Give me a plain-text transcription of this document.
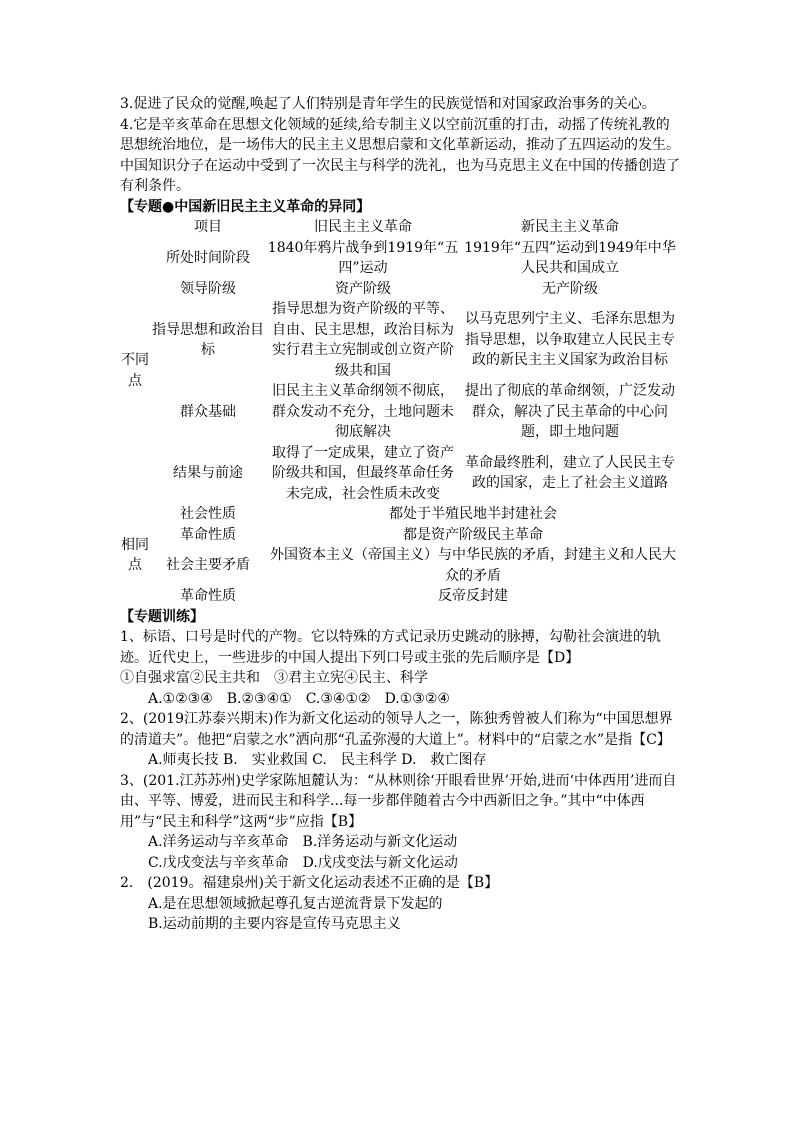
3.促进了民众的觉醒,唤起了人们特别是青年学生的民族觉悟和对国家政治事务的关心。

4.它是辛亥革命在思想文化领域的延续,给专制主义以空前沉重的打击，动摇了传统礼教的思想统治地位，是一场伟大的民主主义思想启蒙和文化革新运动，推动了五四运动的发生。中国知识分子在运动中受到了一次民主与科学的洗礼，也为马克思主义在中国的传播创造了有利条件。

【专题●中国新旧民主主义革命的异同】

	项目	旧民主主义革命	新民主主义革命
不同点	所处时间阶段	1840年鸦片战争到1919年“五四”运动	1919年“五四”运动到1949年中华人民共和国成立
	领导阶级	资产阶级	无产阶级
	指导思想和政治目标	指导思想为资产阶级的平等、自由、民主思想，政治目标为实行君主立宪制或创立资产阶级共和国	以马克思列宁主义、毛泽东思想为指导思想，以争取建立人民民主专政的新民主主义国家为政治目标
	群众基础	旧民主主义革命纲领不彻底，群众发动不充分，土地问题未彻底解决	提出了彻底的革命纲领，广泛发动群众，解决了民主革命的中心问题，即土地问题
	结果与前途	取得了一定成果，建立了资产阶级共和国，但最终革命任务未完成，社会性质未改变	革命最终胜利，建立了人民民主专政的国家，走上了社会主义道路
相同点	社会性质	都处于半殖民地半封建社会	
	革命性质	都是资产阶级民主革命	
	社会主要矛盾	外国资本主义（帝国主义）与中华民族的矛盾，封建主义和人民大众的矛盾	
	革命性质	反帝反封建	

【专题训练】

1、标语、口号是时代的产物。它以特殊的方式记录历史跳动的脉搏，勾勒社会演进的轨迹。近代史上，一些进步的中国人提出下列口号或主张的先后顺序是【D】

①自强求富②民主共和　③君主立宪④民主、科学

A.①②③④　B.②③④①　C.③④①②　D.①③②④

2、(2019江苏泰兴期末)作为新文化运动的领导人之一，陈独秀曾被人们称为“中国思想界的清道夫”。他把“启蒙之水”洒向那“孔孟弥漫的大道上”。材料中的“启蒙之水”是指【C】

A.师夷长技 B.　实业救国 C.　民主科学 D.　救亡图存

3、(201.江苏苏州)史学家陈旭麓认为：“从林则徐‘开眼看世界’开始,进而‘中体西用’进而自由、平等、博爱，进而民主和科学...每一步都伴随着古今中西新旧之争。”其中“中体西用”与“民主和科学”这两“步”应指【B】

A.洋务运动与辛亥革命　B.洋务运动与新文化运动

C.戊戌变法与辛亥革命　D.戊戌变法与新文化运动

2.　(2019。福建泉州)关于新文化运动表述不正确的是【B】

A.是在思想领域掀起尊孔复古逆流背景下发起的

B.运动前期的主要内容是宣传马克思主义
